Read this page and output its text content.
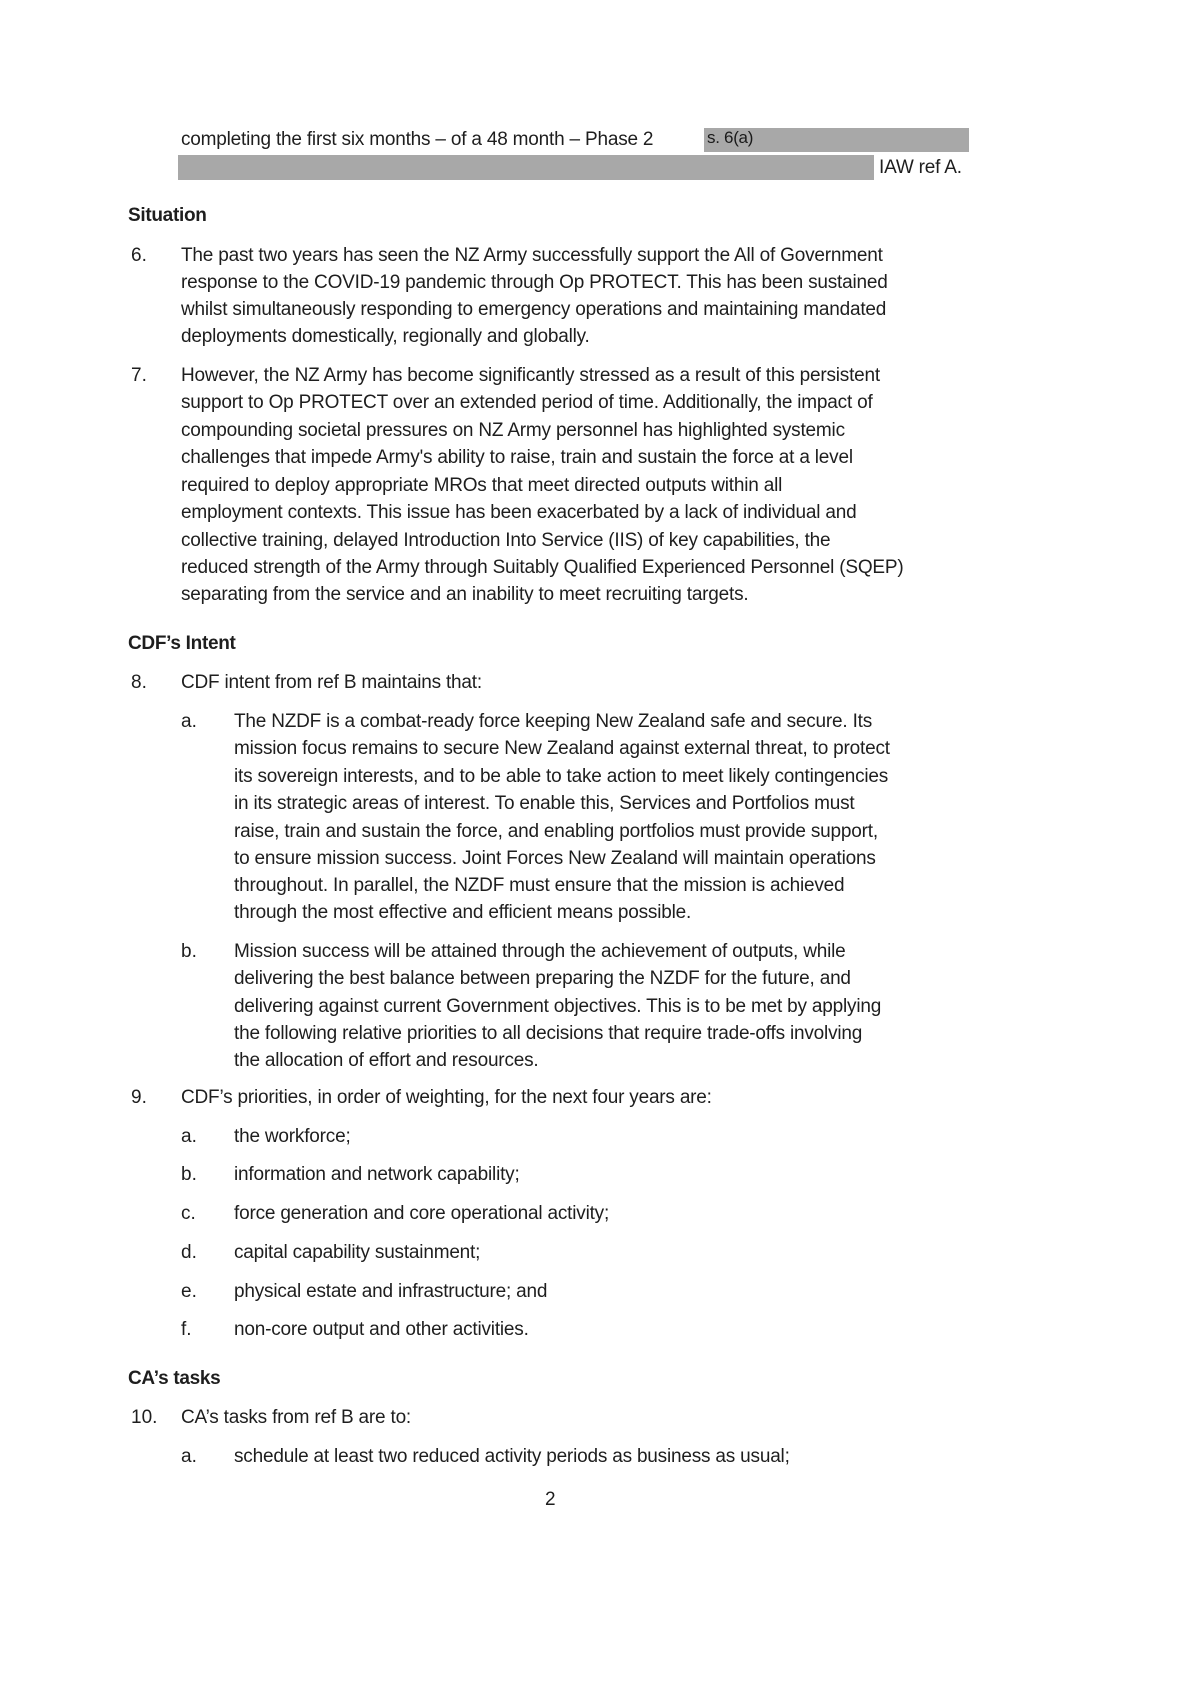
completing the first six months – of a 48 month – Phase 2	s. 6(a)
IAW ref A.
Situation
6. The past two years has seen the NZ Army successfully support the All of Government
response to the COVID-19 pandemic through Op PROTECT. This has been sustained
whilst simultaneously responding to emergency operations and maintaining mandated
deployments domestically, regionally and globally.
7. However, the NZ Army has become significantly stressed as a result of this persistent
support to Op PROTECT over an extended period of time. Additionally, the impact of
compounding societal pressures on NZ Army personnel has highlighted systemic
challenges that impede Army's ability to raise, train and sustain the force at a level
required to deploy appropriate MROs that meet directed outputs within all
employment contexts. This issue has been exacerbated by a lack of individual and
collective training, delayed Introduction Into Service (IIS) of key capabilities, the
reduced strength of the Army through Suitably Qualified Experienced Personnel (SQEP)
separating from the service and an inability to meet recruiting targets.
CDF’s Intent
8. CDF intent from ref B maintains that:
a. The NZDF is a combat-ready force keeping New Zealand safe and secure. Its
mission focus remains to secure New Zealand against external threat, to protect
its sovereign interests, and to be able to take action to meet likely contingencies
in its strategic areas of interest. To enable this, Services and Portfolios must
raise, train and sustain the force, and enabling portfolios must provide support,
to ensure mission success. Joint Forces New Zealand will maintain operations
throughout. In parallel, the NZDF must ensure that the mission is achieved
through the most effective and efficient means possible.
b. Mission success will be attained through the achievement of outputs, while
delivering the best balance between preparing the NZDF for the future, and
delivering against current Government objectives. This is to be met by applying
the following relative priorities to all decisions that require trade-offs involving
the allocation of effort and resources.
9. CDF’s priorities, in order of weighting, for the next four years are:
a. the workforce;
b. information and network capability;
c. force generation and core operational activity;
d. capital capability sustainment;
e. physical estate and infrastructure; and
f. non-core output and other activities.
CA’s tasks
10. CA’s tasks from ref B are to:
a. schedule at least two reduced activity periods as business as usual;
2
